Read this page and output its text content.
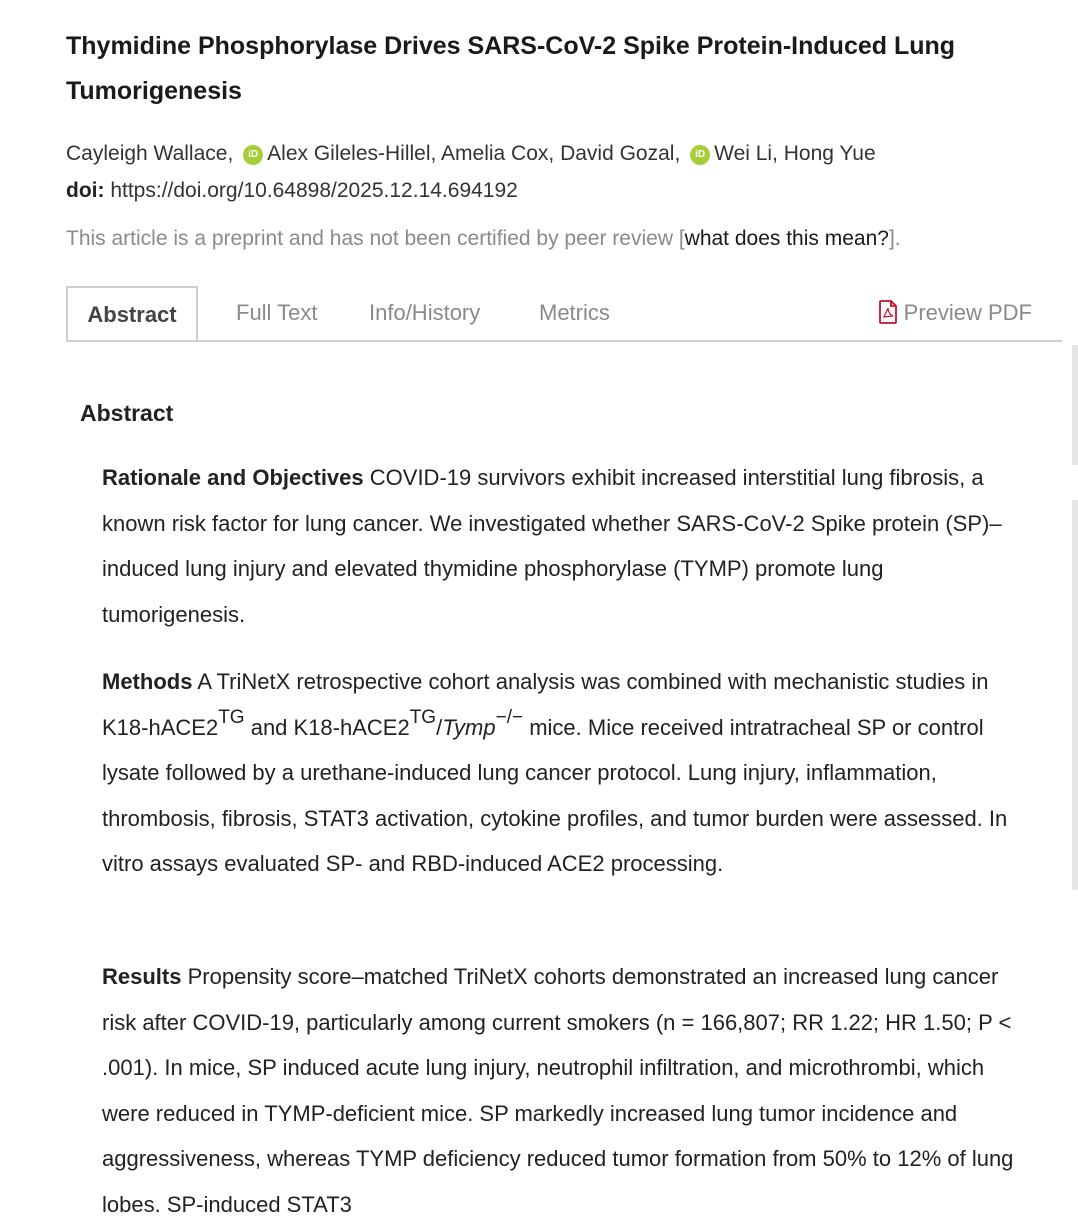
Thymidine Phosphorylase Drives SARS-CoV-2 Spike Protein-Induced Lung Tumorigenesis
Cayleigh Wallace, iD Alex Gileles-Hillel, Amelia Cox, David Gozal, iD Wei Li, Hong Yue
doi: https://doi.org/10.64898/2025.12.14.694192
This article is a preprint and has not been certified by peer review [what does this mean?].
Abstract	Full Text Info/History	Metrics	Preview PDF
Abstract

Rationale and Objectives COVID-19 survivors exhibit increased interstitial lung fibrosis, a known risk factor for lung cancer. We investigated whether SARS-CoV-2 Spike protein (SP)–induced lung injury and elevated thymidine phosphorylase (TYMP) promote lung tumorigenesis.

Methods A TriNetX retrospective cohort analysis was combined with mechanistic studies in $K18-hACE2^{TG}$ and $K18-hACE2^{TG}/Tymp^{-/-}$ mice. Mice received intratracheal SP or control lysate followed by a urethane-induced lung cancer protocol. Lung injury, inflammation, thrombosis, fibrosis, STAT3 activation, cytokine profiles, and tumor burden were assessed. In vitro assays evaluated SP- and RBD-induced ACE2 processing.

Results Propensity score–matched TriNetX cohorts demonstrated an increased lung cancer risk after COVID-19, particularly among current smokers (n = 166,807; RR 1.22; HR 1.50; P < .001). In mice, SP induced acute lung injury, neutrophil infiltration, and microthrombi, which were reduced in TYMP-deficient mice. SP markedly increased lung tumor incidence and aggressiveness, whereas TYMP deficiency reduced tumor formation from 50% to 12% of lung lobes. SP-induced STAT3
